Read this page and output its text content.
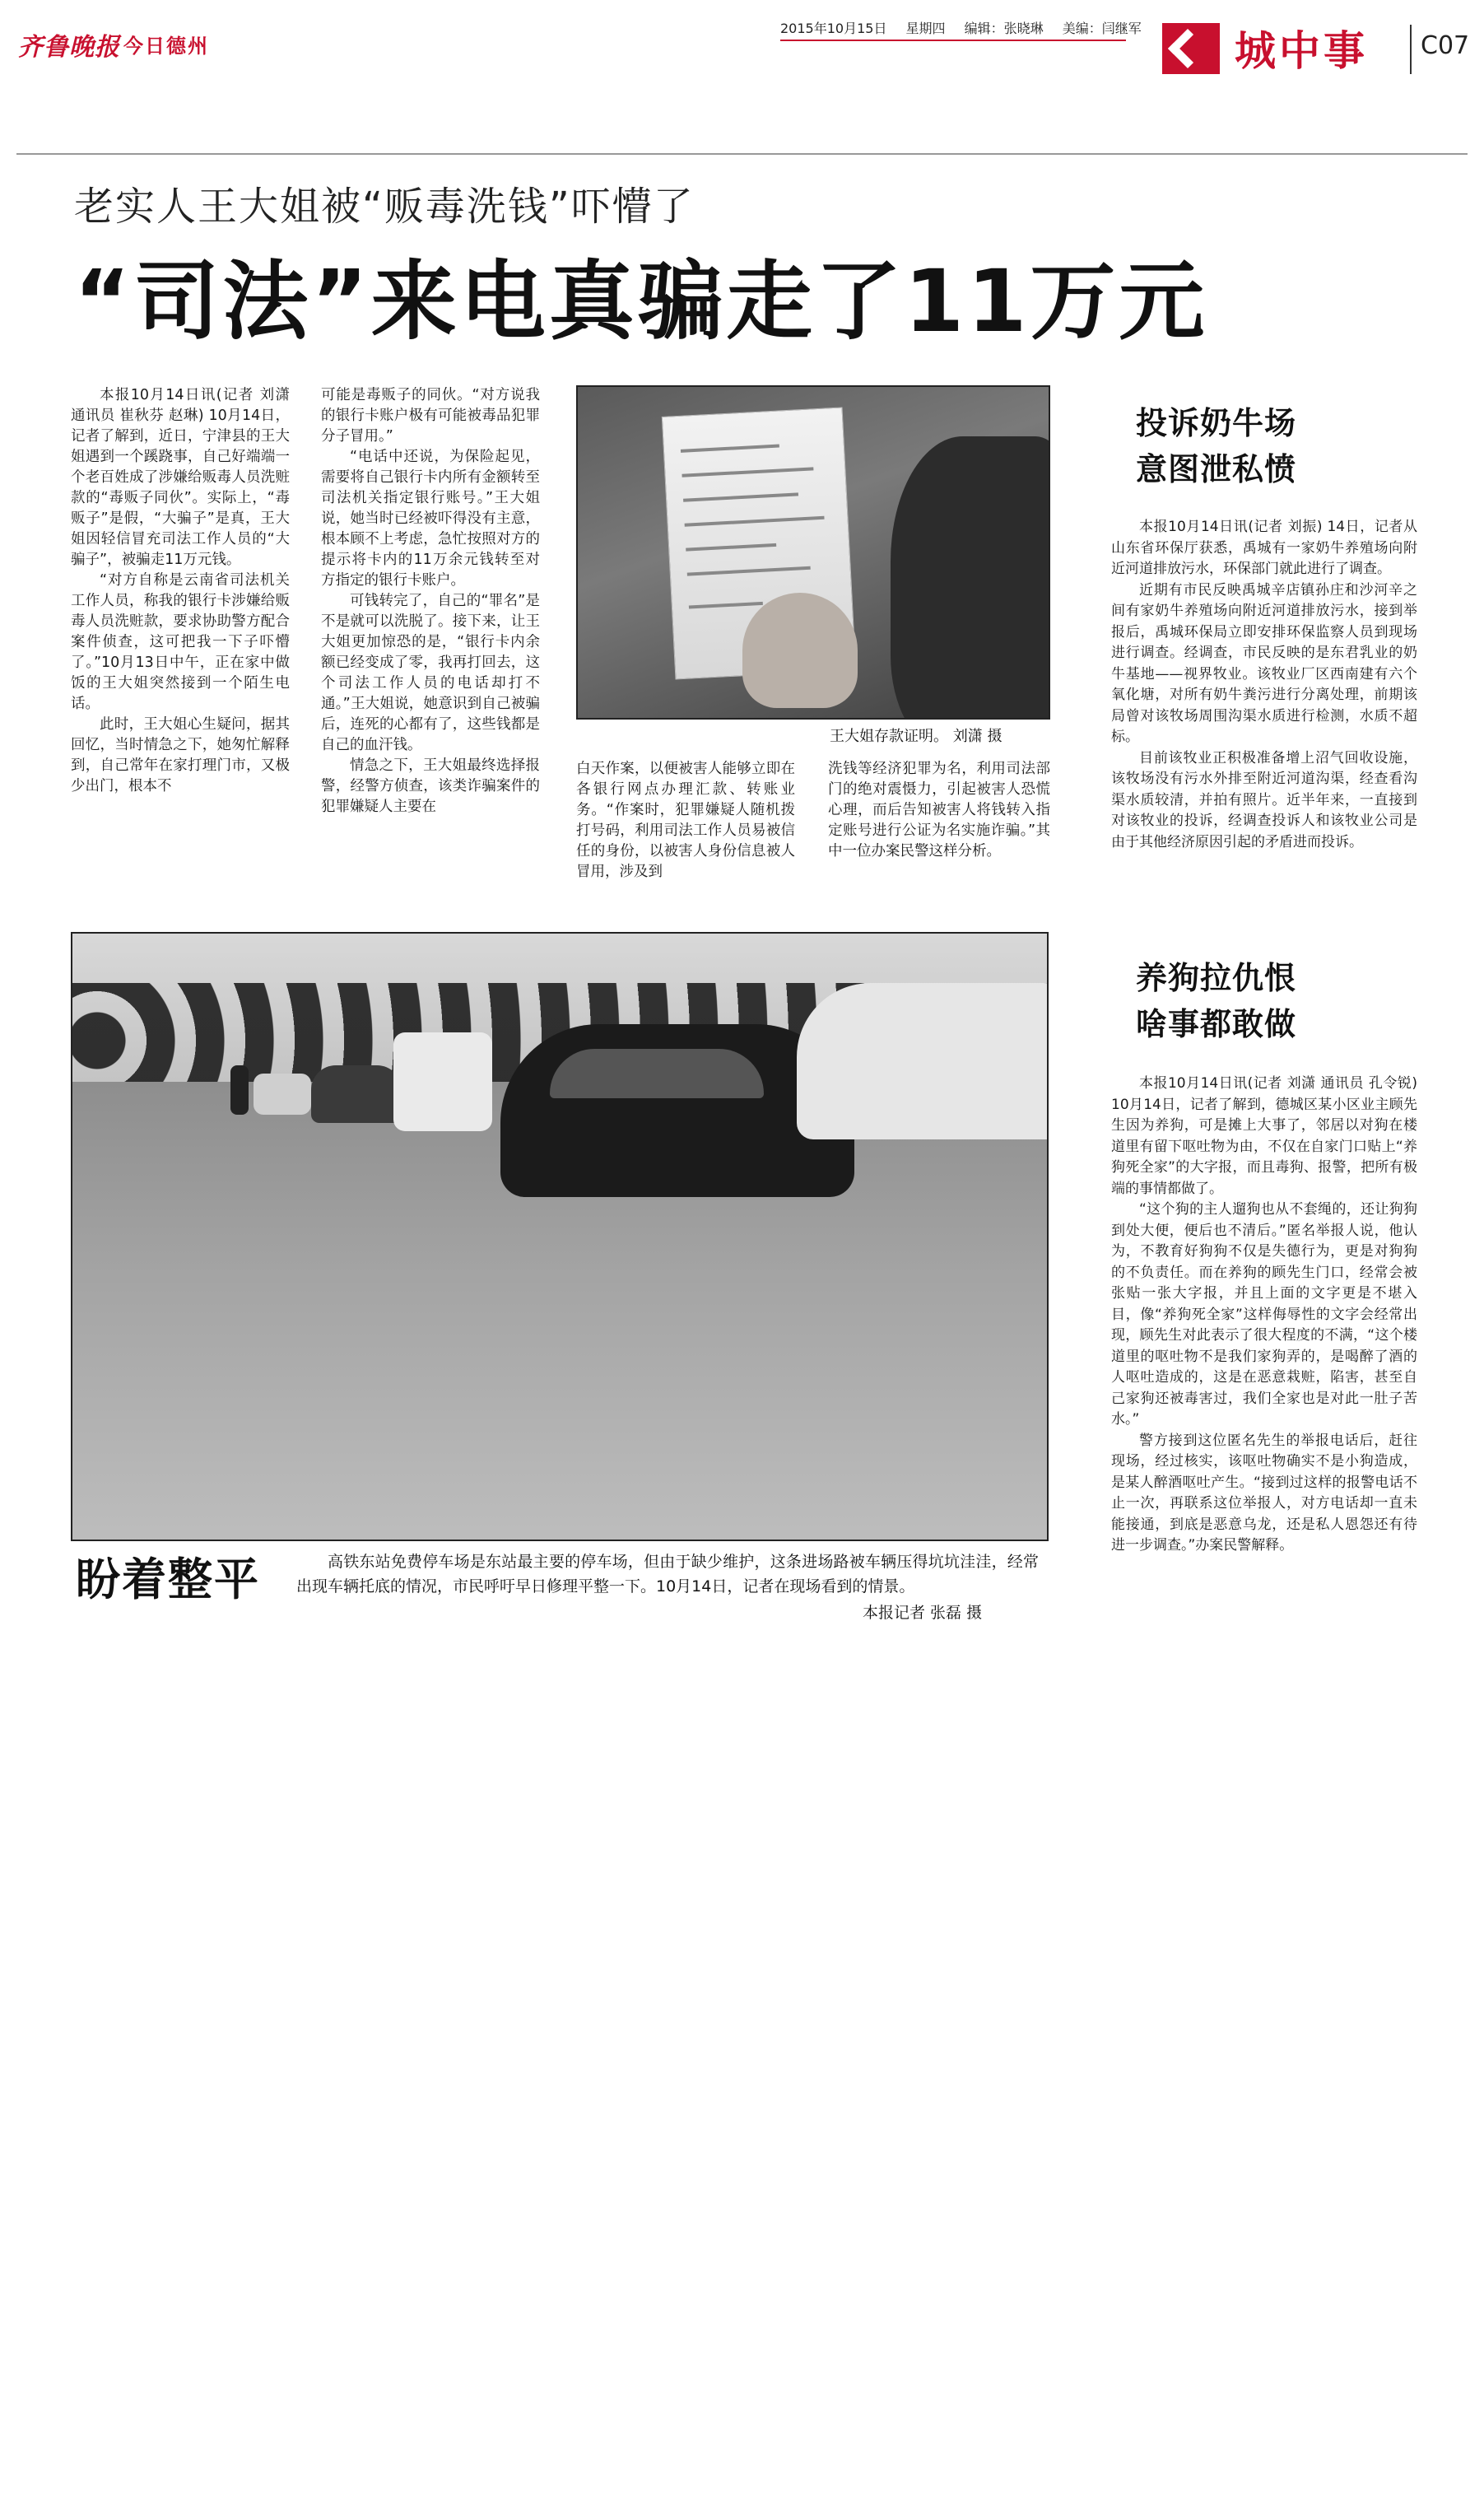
齐鲁晚报 今日德州
2015年10月15日 星期四 编辑：张晓琳 美编：闫继军	城中事 C07
老实人王大姐被“贩毒洗钱”吓懵了
“司法”来电真骗走了11万元

本报10月14日讯(记者 刘潇 通讯员 崔秋芬 赵琳) 10月14日，记者了解到，近日，宁津县的王大姐遇到一个蹊跷事，自己好端端一个老百姓成了涉嫌给贩毒人员洗赃款的“毒贩子同伙”。实际上，“毒贩子”是假，“大骗子”是真，王大姐因轻信冒充司法工作人员的“大骗子”，被骗走11万元钱。

“对方自称是云南省司法机关工作人员，称我的银行卡涉嫌给贩毒人员洗赃款，要求协助警方配合案件侦查，这可把我一下子吓懵了。”10月13日中午，正在家中做饭的王大姐突然接到一个陌生电话。

此时，王大姐心生疑问，据其回忆，当时情急之下，她匆忙解释到，自己常年在家打理门市，又极少出门，根本不

可能是毒贩子的同伙。“对方说我的银行卡账户极有可能被毒品犯罪分子冒用。”

“电话中还说，为保险起见，需要将自己银行卡内所有金额转至司法机关指定银行账号。”王大姐说，她当时已经被吓得没有主意，根本顾不上考虑，急忙按照对方的提示将卡内的11万余元钱转至对方指定的银行卡账户。

可钱转完了，自己的“罪名”是不是就可以洗脱了。接下来，让王大姐更加惊恐的是，“银行卡内余额已经变成了零，我再打回去，这个司法工作人员的电话却打不通。”王大姐说，她意识到自己被骗后，连死的心都有了，这些钱都是自己的血汗钱。

情急之下，王大姐最终选择报警，经警方侦查，该类诈骗案件的犯罪嫌疑人主要在

王大姐存款证明。 刘潇 摄

白天作案，以便被害人能够立即在各银行网点办理汇款、转账业务。“作案时，犯罪嫌疑人随机拨打号码，利用司法工作人员易被信任的身份，以被害人身份信息被人冒用，涉及到

洗钱等经济犯罪为名，利用司法部门的绝对震慑力，引起被害人恐慌心理，而后告知被害人将钱转入指定账号进行公证为名实施诈骗。”其中一位办案民警这样分析。

盼着整平	高铁东站免费停车场是东站最主要的停车场，但由于缺少维护，这条进场路被车辆压得坑坑洼洼，经常出现车辆托底的情况，市民呼吁早日修理平整一下。10月14日，记者在现场看到的情景。
本报记者 张磊 摄
投诉奶牛场
意图泄私愤

本报10月14日讯(记者 刘振) 14日，记者从山东省环保厅获悉，禹城有一家奶牛养殖场向附近河道排放污水，环保部门就此进行了调查。

近期有市民反映禹城辛店镇孙庄和沙河辛之间有家奶牛养殖场向附近河道排放污水，接到举报后，禹城环保局立即安排环保监察人员到现场进行调查。经调查，市民反映的是东君乳业的奶牛基地——视界牧业。该牧业厂区西南建有六个氧化塘，对所有奶牛粪污进行分离处理，前期该局曾对该牧场周围沟渠水质进行检测，水质不超标。

目前该牧业正积极准备增上沼气回收设施，该牧场没有污水外排至附近河道沟渠，经查看沟渠水质较清，并拍有照片。近半年来，一直接到对该牧业的投诉，经调查投诉人和该牧业公司是由于其他经济原因引起的矛盾进而投诉。

养狗拉仇恨
啥事都敢做

本报10月14日讯(记者 刘潇 通讯员 孔令锐) 10月14日，记者了解到，德城区某小区业主顾先生因为养狗，可是摊上大事了，邻居以对狗在楼道里有留下呕吐物为由，不仅在自家门口贴上“养狗死全家”的大字报，而且毒狗、报警，把所有极端的事情都做了。

“这个狗的主人遛狗也从不套绳的，还让狗狗到处大便，便后也不清后。”匿名举报人说，他认为，不教育好狗狗不仅是失德行为，更是对狗狗的不负责任。而在养狗的顾先生门口，经常会被张贴一张大字报，并且上面的文字更是不堪入目，像“养狗死全家”这样侮辱性的文字会经常出现，顾先生对此表示了很大程度的不满，“这个楼道里的呕吐物不是我们家狗弄的，是喝醉了酒的人呕吐造成的，这是在恶意栽赃，陷害，甚至自己家狗还被毒害过，我们全家也是对此一肚子苦水。”

警方接到这位匿名先生的举报电话后，赶往现场，经过核实，该呕吐物确实不是小狗造成，是某人醉酒呕吐产生。“接到过这样的报警电话不止一次，再联系这位举报人，对方电话却一直未能接通，到底是恶意乌龙，还是私人恩怨还有待进一步调查。”办案民警解释。
